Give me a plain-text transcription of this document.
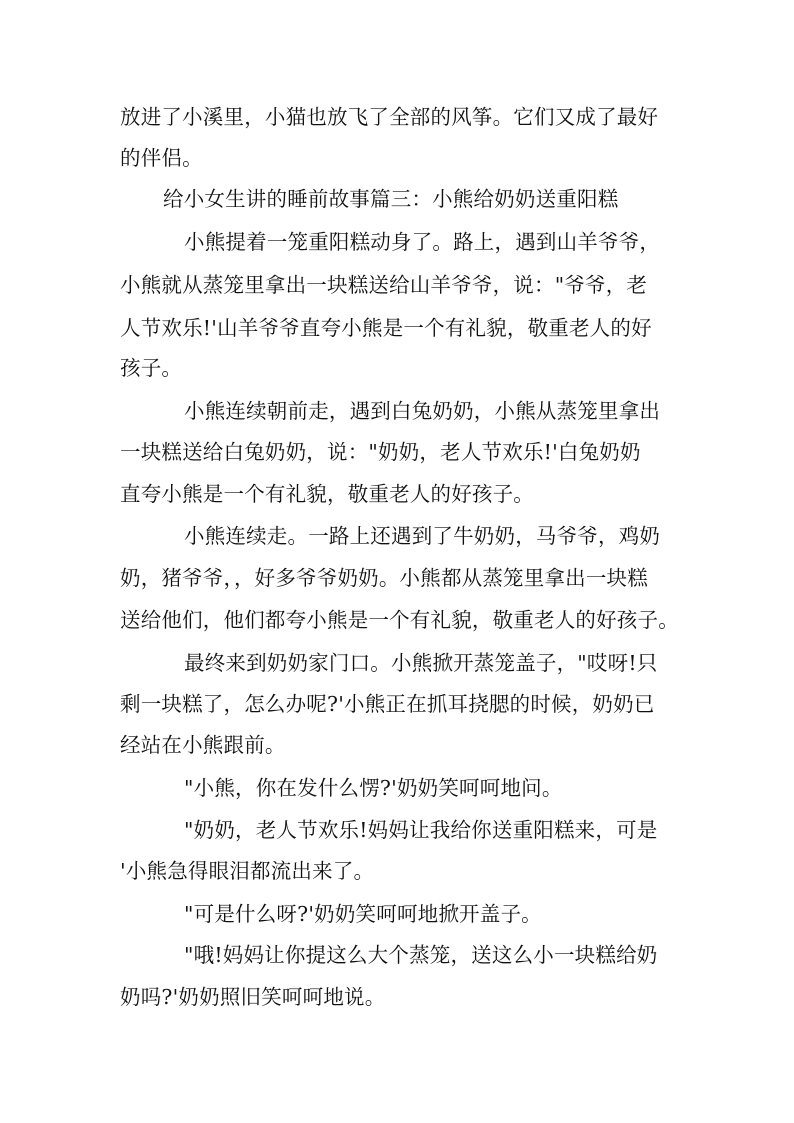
放进了小溪里，小猫也放飞了全部的风筝。它们又成了最好
的伴侣。
给小女生讲的睡前故事篇三：小熊给奶奶送重阳糕
小熊提着一笼重阳糕动身了。路上，遇到山羊爷爷，
小熊就从蒸笼里拿出一块糕送给山羊爷爷，说："爷爷，老
人节欢乐!'山羊爷爷直夸小熊是一个有礼貌，敬重老人的好
孩子。
小熊连续朝前走，遇到白兔奶奶，小熊从蒸笼里拿出
一块糕送给白兔奶奶，说："奶奶，老人节欢乐!'白兔奶奶
直夸小熊是一个有礼貌，敬重老人的好孩子。
小熊连续走。一路上还遇到了牛奶奶，马爷爷，鸡奶
奶，猪爷爷，，好多爷爷奶奶。小熊都从蒸笼里拿出一块糕
送给他们，他们都夸小熊是一个有礼貌，敬重老人的好孩子。
最终来到奶奶家门口。小熊掀开蒸笼盖子，"哎呀!只
剩一块糕了，怎么办呢?'小熊正在抓耳挠腮的时候，奶奶已
经站在小熊跟前。
"小熊，你在发什么愣?'奶奶笑呵呵地问。
"奶奶，老人节欢乐!妈妈让我给你送重阳糕来，可是
'小熊急得眼泪都流出来了。
"可是什么呀?'奶奶笑呵呵地掀开盖子。
"哦!妈妈让你提这么大个蒸笼，送这么小一块糕给奶
奶吗?'奶奶照旧笑呵呵地说。
